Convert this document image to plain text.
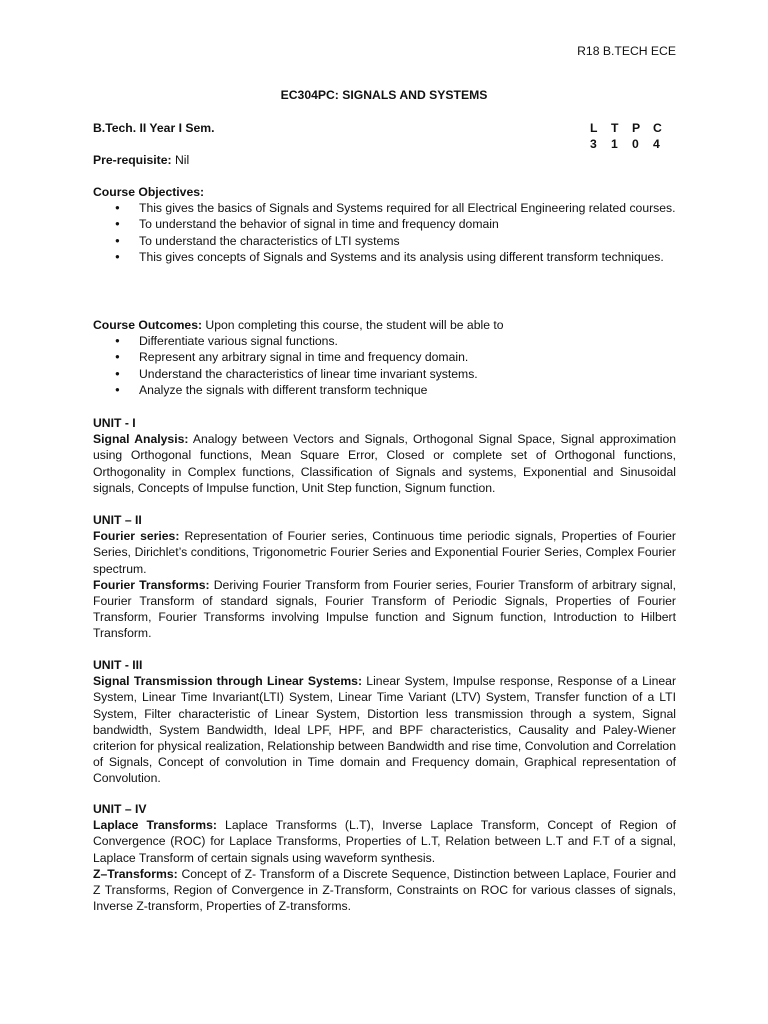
R18 B.TECH ECE
EC304PC: SIGNALS AND SYSTEMS
B.Tech. II Year I Sem.	L	T	P	C
3	1	0	4
Pre-requisite: Nil
Course Objectives:
● This gives the basics of Signals and Systems required for all Electrical Engineering related courses.
● To understand the behavior of signal in time and frequency domain
● To understand the characteristics of LTI systems
● This gives concepts of Signals and Systems and its analysis using different transform techniques.
Course Outcomes: Upon completing this course, the student will be able to
● Differentiate various signal functions.
● Represent any arbitrary signal in time and frequency domain.
● Understand the characteristics of linear time invariant systems.
● Analyze the signals with different transform technique
UNIT - I

Signal Analysis: Analogy between Vectors and Signals, Orthogonal Signal Space, Signal approximation using Orthogonal functions, Mean Square Error, Closed or complete set of Orthogonal functions, Orthogonality in Complex functions, Classification of Signals and systems, Exponential and Sinusoidal signals, Concepts of Impulse function, Unit Step function, Signum function.

UNIT – II

Fourier series: Representation of Fourier series, Continuous time periodic signals, Properties of Fourier Series, Dirichlet’s conditions, Trigonometric Fourier Series and Exponential Fourier Series, Complex Fourier spectrum.

Fourier Transforms: Deriving Fourier Transform from Fourier series, Fourier Transform of arbitrary signal, Fourier Transform of standard signals, Fourier Transform of Periodic Signals, Properties of Fourier Transform, Fourier Transforms involving Impulse function and Signum function, Introduction to Hilbert Transform.

UNIT - III

Signal Transmission through Linear Systems: Linear System, Impulse response, Response of a Linear System, Linear Time Invariant(LTI) System, Linear Time Variant (LTV) System, Transfer function of a LTI System, Filter characteristic of Linear System, Distortion less transmission through a system, Signal bandwidth, System Bandwidth, Ideal LPF, HPF, and BPF characteristics, Causality and Paley-Wiener criterion for physical realization, Relationship between Bandwidth and rise time, Convolution and Correlation of Signals, Concept of convolution in Time domain and Frequency domain, Graphical representation of Convolution.

UNIT – IV

Laplace Transforms: Laplace Transforms (L.T), Inverse Laplace Transform, Concept of Region of Convergence (ROC) for Laplace Transforms, Properties of L.T, Relation between L.T and F.T of a signal, Laplace Transform of certain signals using waveform synthesis.

Z–Transforms: Concept of Z- Transform of a Discrete Sequence, Distinction between Laplace, Fourier and Z Transforms, Region of Convergence in Z-Transform, Constraints on ROC for various classes of signals, Inverse Z-transform, Properties of Z-transforms.
